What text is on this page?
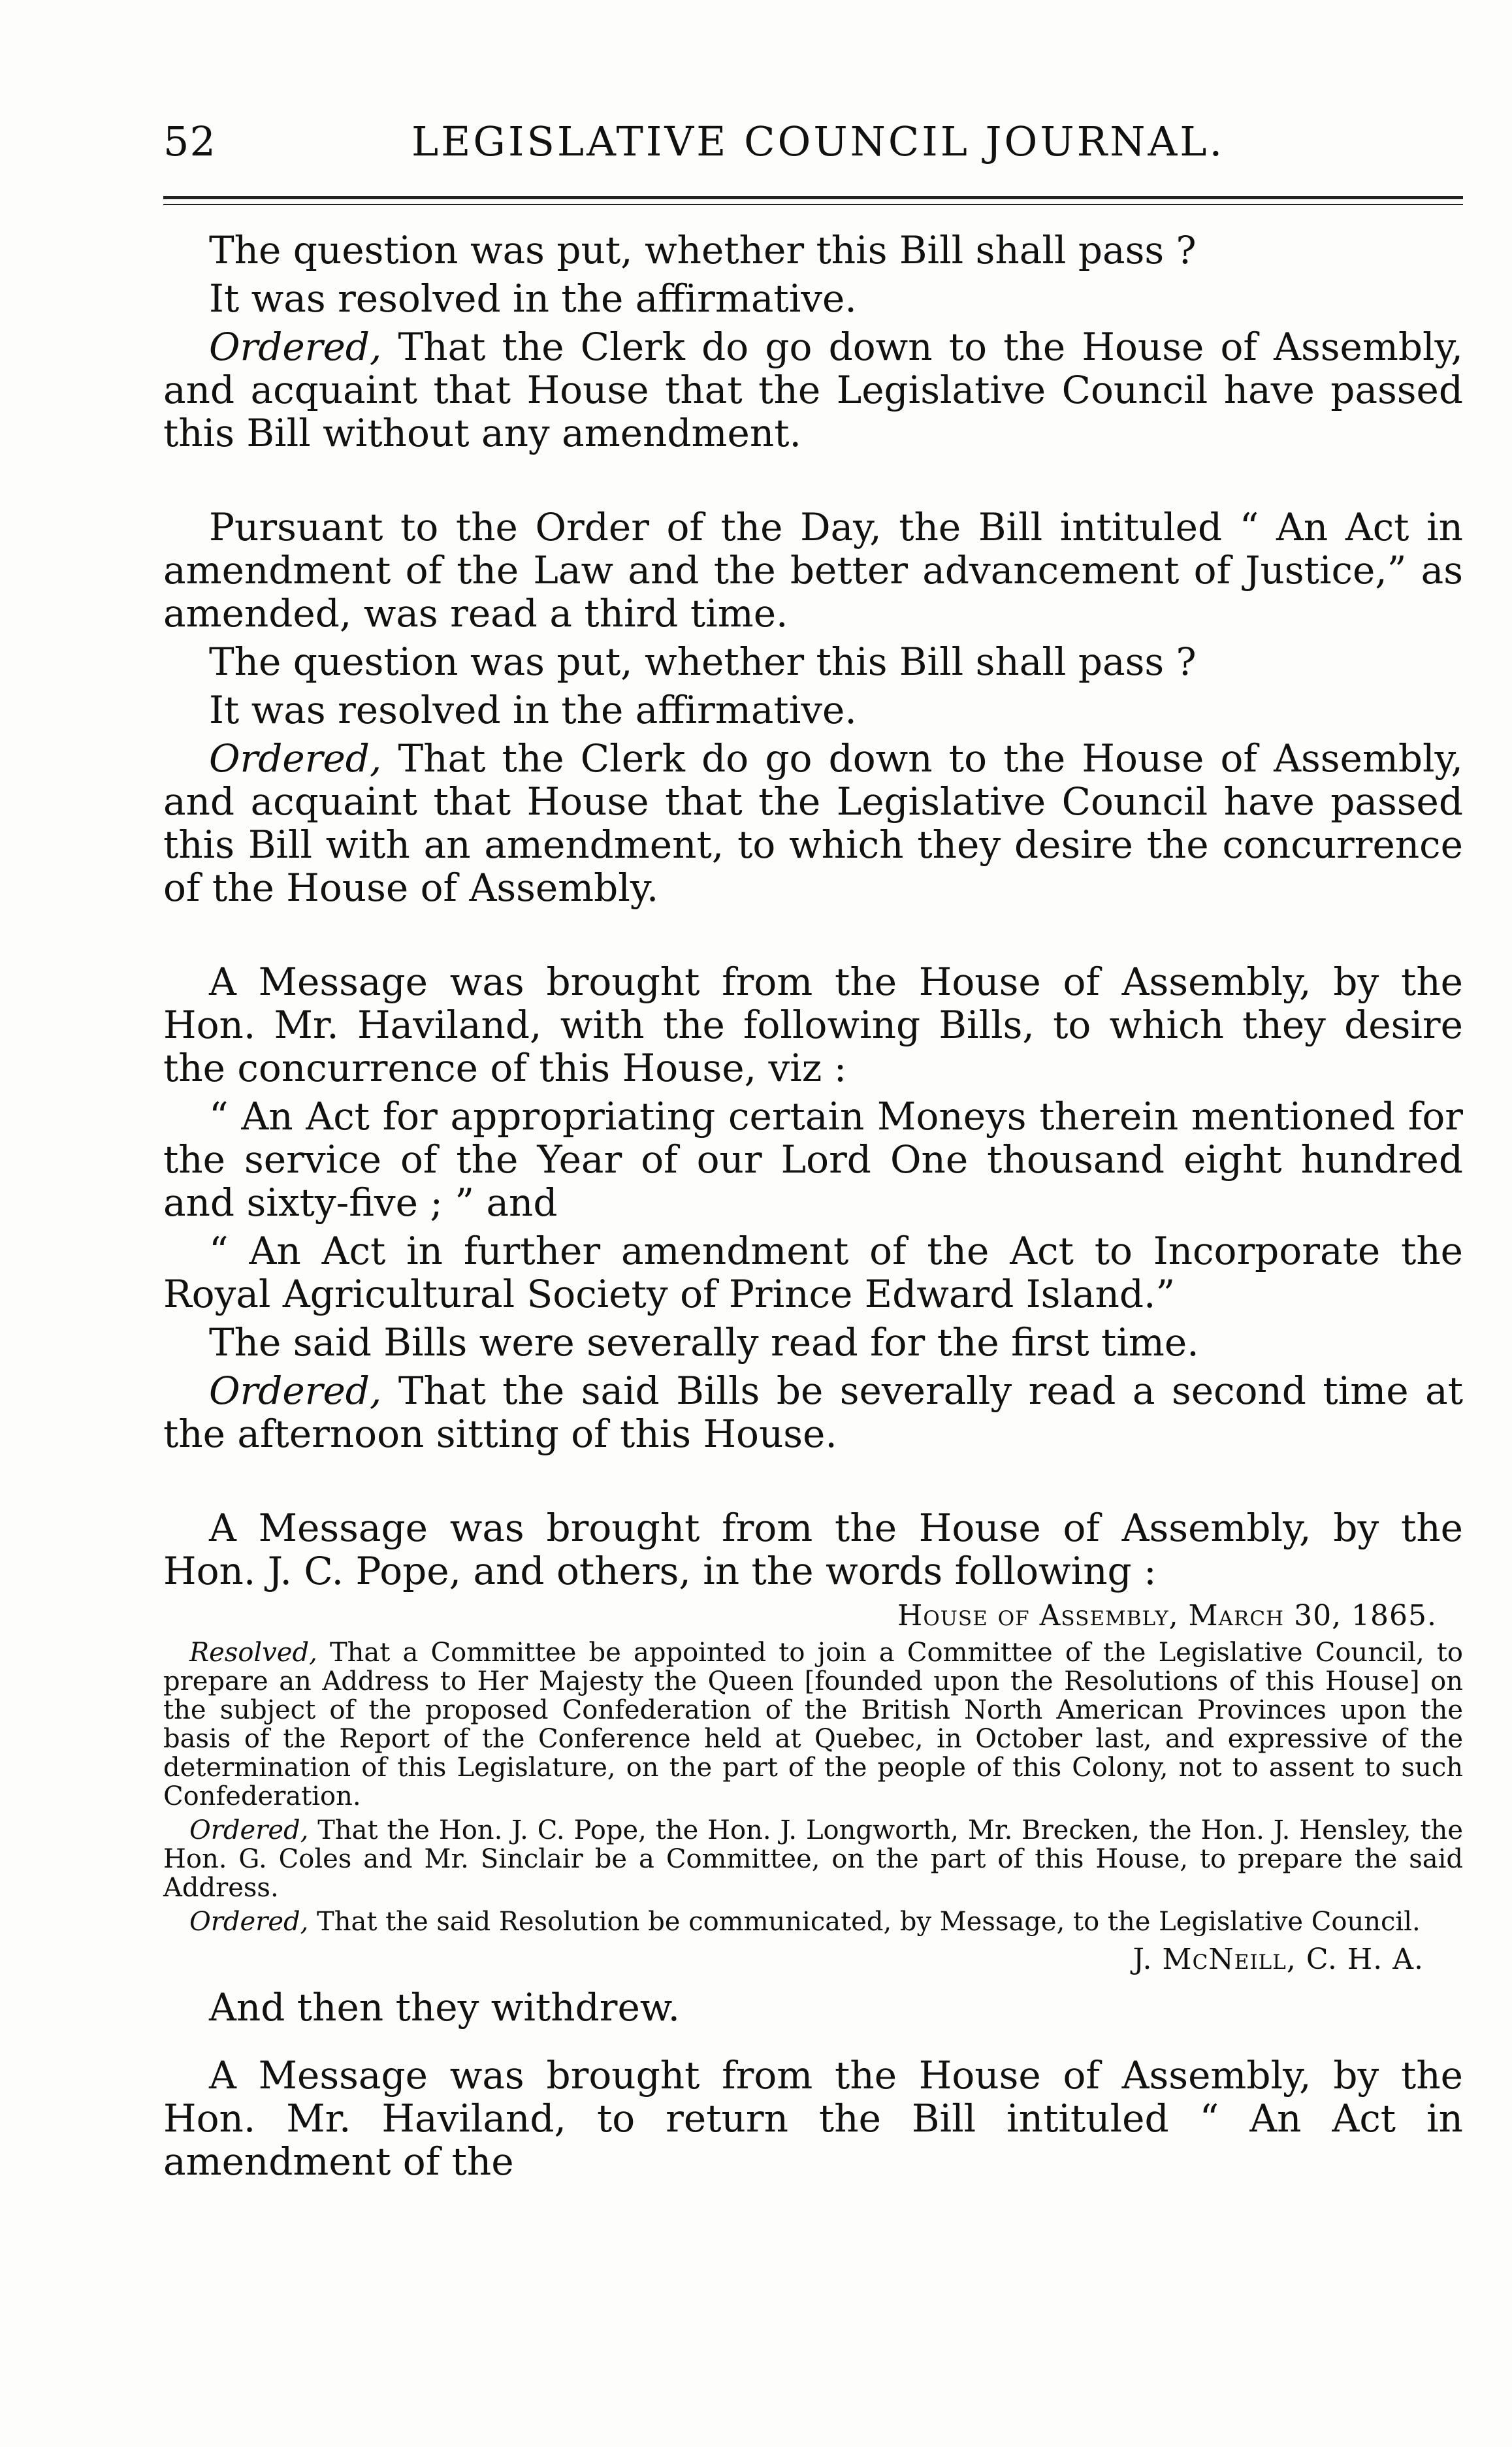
52	LEGISLATIVE COUNCIL JOURNAL.

The question was put, whether this Bill shall pass ?

It was resolved in the affirmative.

Ordered, That the Clerk do go down to the House of Assembly, and acquaint that House that the Legislative Council have passed this Bill without any amendment.

Pursuant to the Order of the Day, the Bill intituled “ An Act in amendment of the Law and the better advancement of Justice,” as amended, was read a third time.

The question was put, whether this Bill shall pass ?

It was resolved in the affirmative.

Ordered, That the Clerk do go down to the House of Assembly, and acquaint that House that the Legislative Council have passed this Bill with an amendment, to which they desire the concurrence of the House of Assembly.

A Message was brought from the House of Assembly, by the Hon. Mr. Haviland, with the following Bills, to which they desire the concurrence of this House, viz :

“ An Act for appropriating certain Moneys therein mentioned for the service of the Year of our Lord One thousand eight hundred and sixty-five ; ” and

“ An Act in further amendment of the Act to Incorporate the Royal Agricultural Society of Prince Edward Island.”

The said Bills were severally read for the first time.

Ordered, That the said Bills be severally read a second time at the afternoon sitting of this House.

A Message was brought from the House of Assembly, by the Hon. J. C. Pope, and others, in the words following :

House of Assembly, March 30, 1865.

Resolved, That a Committee be appointed to join a Committee of the Legislative Council, to prepare an Address to Her Majesty the Queen [founded upon the Resolutions of this House] on the subject of the proposed Confederation of the British North American Provinces upon the basis of the Report of the Conference held at Quebec, in October last, and expressive of the determination of this Legislature, on the part of the people of this Colony, not to assent to such Confederation.

Ordered, That the Hon. J. C. Pope, the Hon. J. Longworth, Mr. Brecken, the Hon. J. Hensley, the Hon. G. Coles and Mr. Sinclair be a Committee, on the part of this House, to prepare the said Address.

Ordered, That the said Resolution be communicated, by Message, to the Legislative Council.

J. McNeill, C. H. A.

And then they withdrew.

A Message was brought from the House of Assembly, by the Hon. Mr. Haviland, to return the Bill intituled “ An Act in amendment of the
